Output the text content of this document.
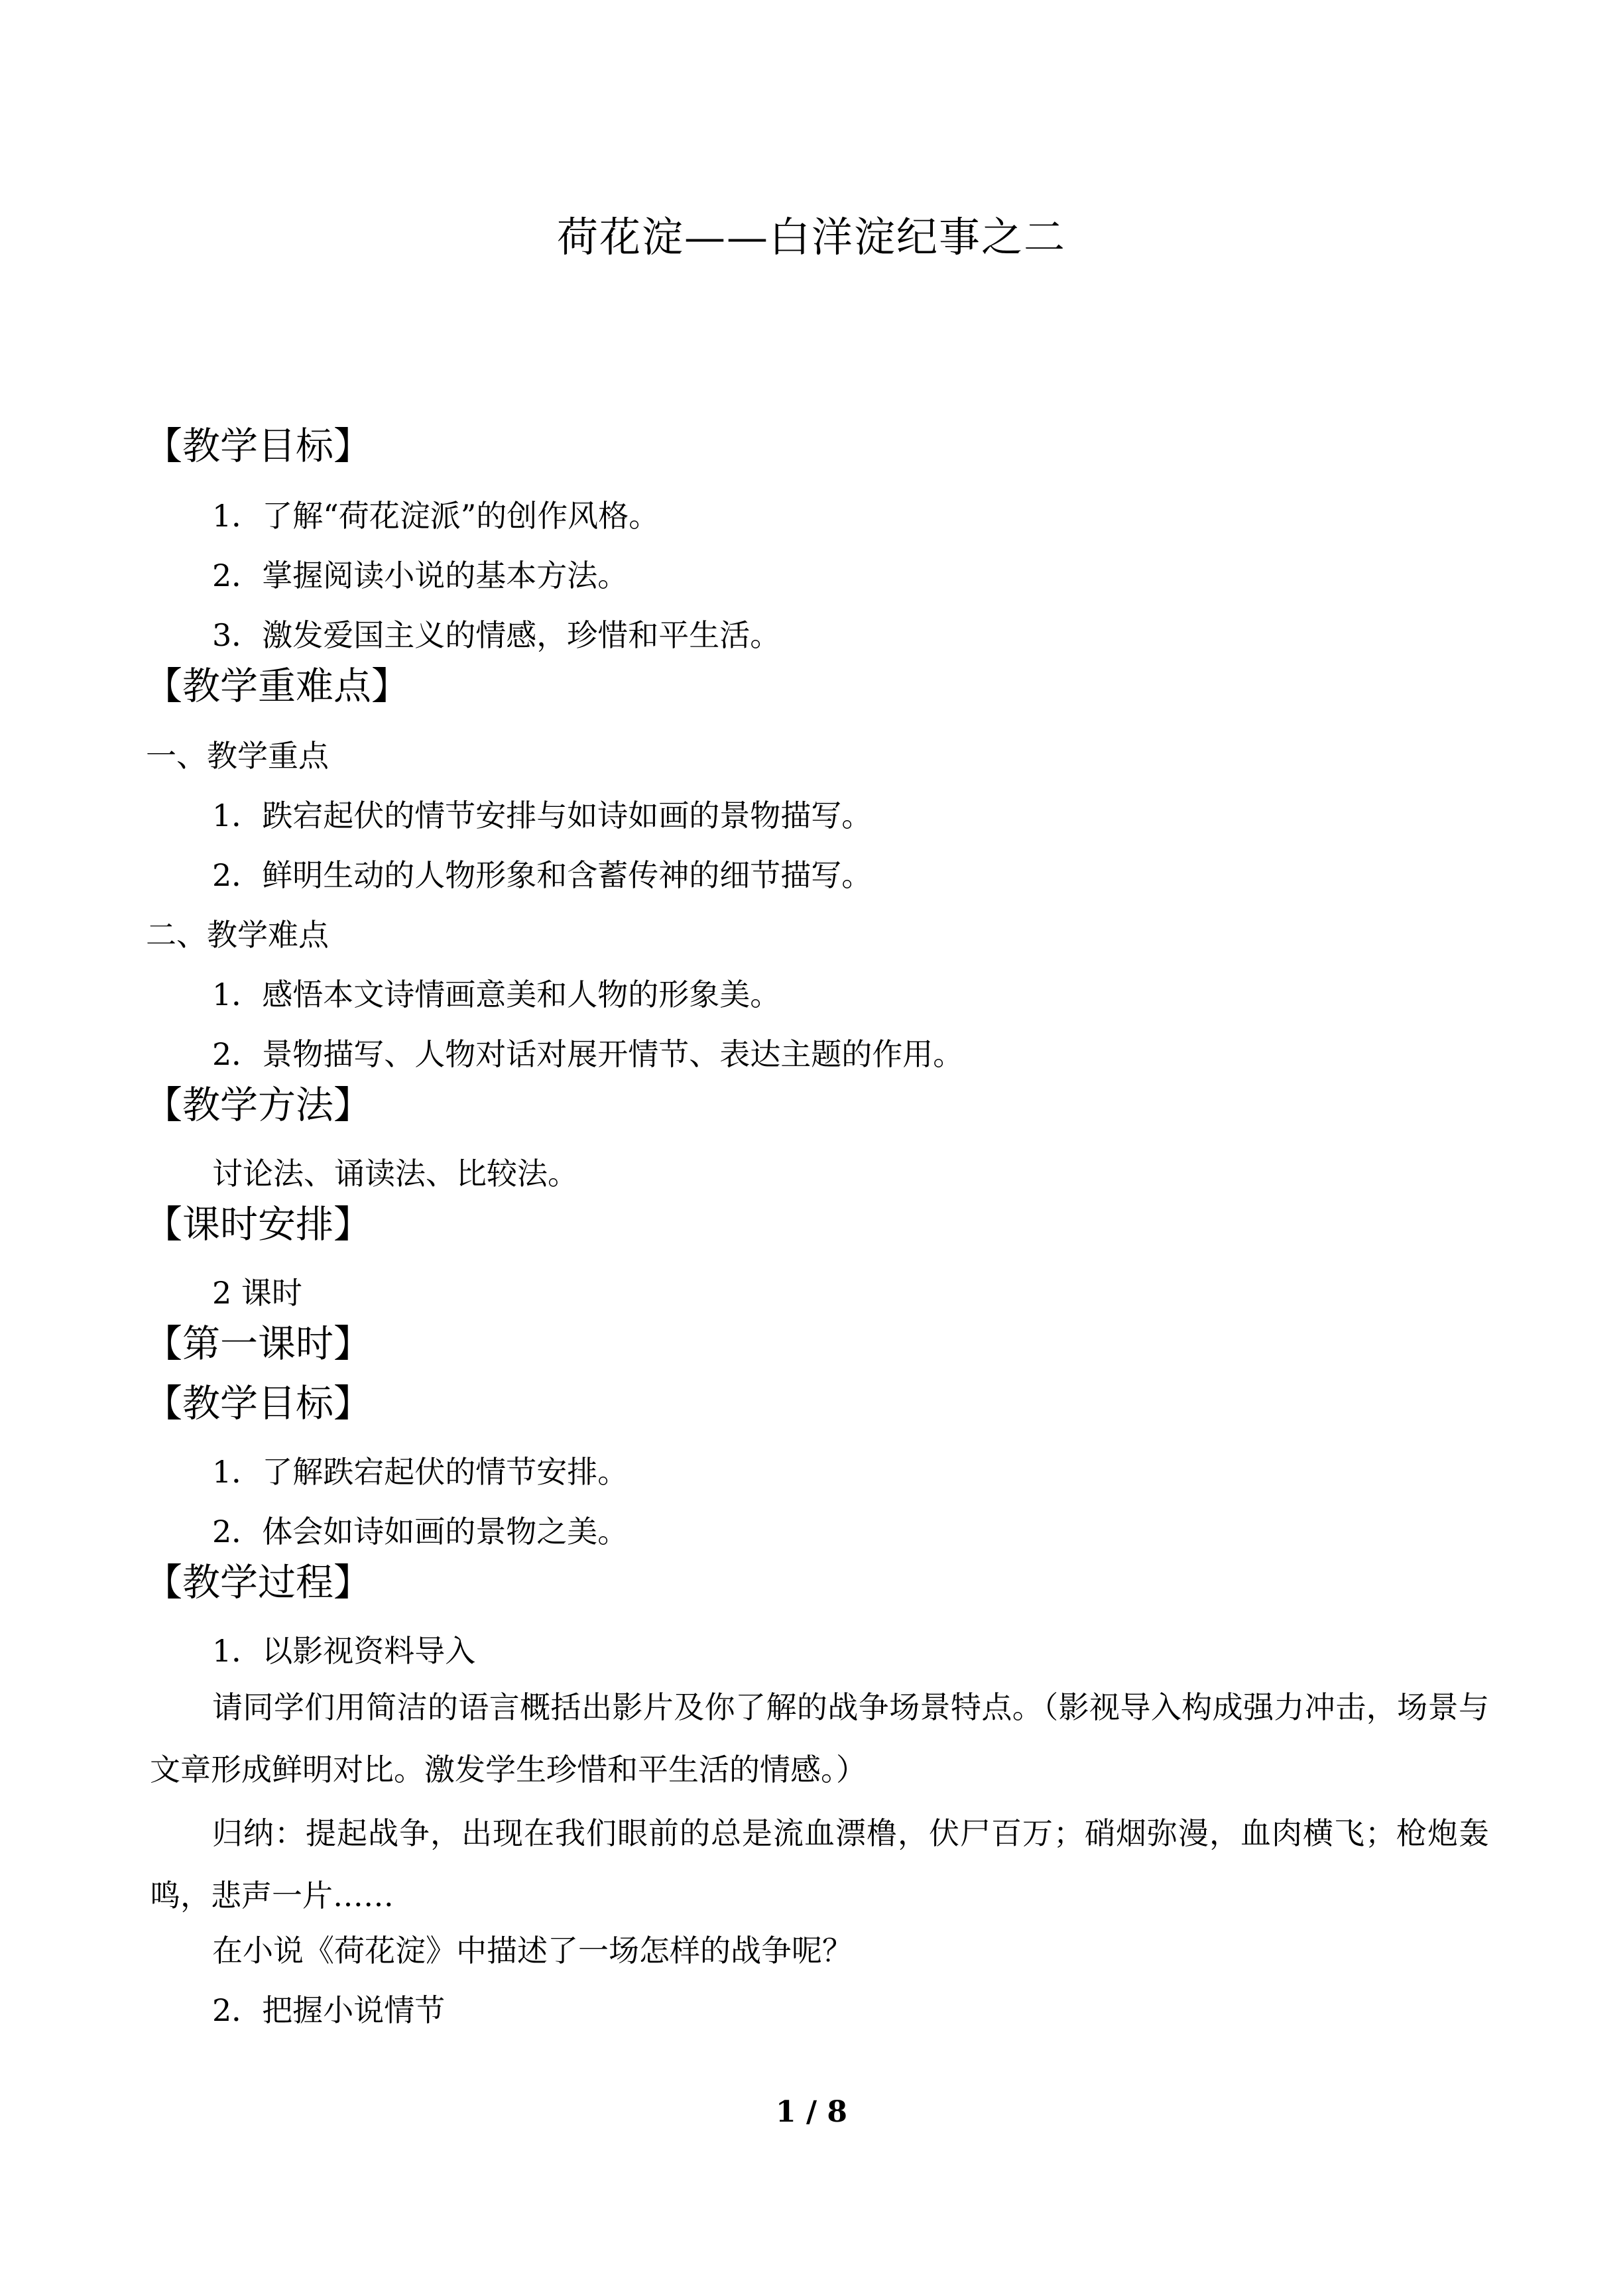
荷花淀——白洋淀纪事之二
【教学目标】
1．了解“荷花淀派”的创作风格。
2．掌握阅读小说的基本方法。
3．激发爱国主义的情感，珍惜和平生活。
【教学重难点】
一、教学重点
1．跌宕起伏的情节安排与如诗如画的景物描写。
2．鲜明生动的人物形象和含蓄传神的细节描写。
二、教学难点
1．感悟本文诗情画意美和人物的形象美。
2．景物描写、人物对话对展开情节、表达主题的作用。
【教学方法】
讨论法、诵读法、比较法。
【课时安排】
2 课时
【第一课时】
【教学目标】
1．了解跌宕起伏的情节安排。
2．体会如诗如画的景物之美。
【教学过程】
1．以影视资料导入
请同学们用简洁的语言概括出影片及你了解的战争场景特点。（影视导入构成强力冲击，场景与文章形成鲜明对比。激发学生珍惜和平生活的情感。）
归纳：提起战争，出现在我们眼前的总是流血漂橹，伏尸百万；硝烟弥漫，血肉横飞；枪炮轰鸣，悲声一片……
在小说《荷花淀》中描述了一场怎样的战争呢？
2．把握小说情节
1 / 8
